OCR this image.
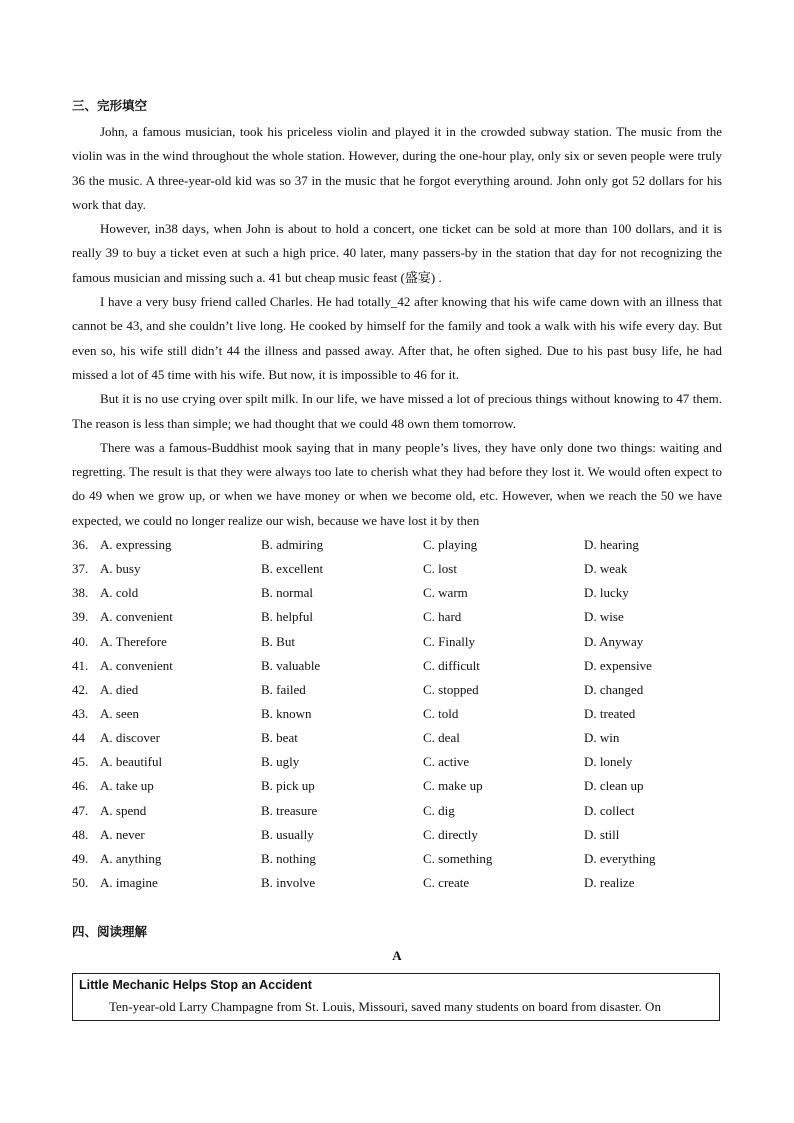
三、完形填空

John, a famous musician, took his priceless violin and played it in the crowded subway station. The music from the violin was in the wind throughout the whole station. However, during the one-hour play, only six or seven people were truly 36 the music. A three-year-old kid was so 37 in the music that he forgot everything around. John only got 52 dollars for his work that day.

However, in38 days, when John is about to hold a concert, one ticket can be sold at more than 100 dollars, and it is really 39 to buy a ticket even at such a high price. 40 later, many passers-by in the station that day for not recognizing the famous musician and missing such a. 41 but cheap music feast (盛宴) .

I have a very busy friend called Charles. He had totally_42 after knowing that his wife came down with an illness that cannot be 43, and she couldn’t live long. He cooked by himself for the family and took a walk with his wife every day. But even so, his wife still didn’t 44 the illness and passed away. After that, he often sighed. Due to his past busy life, he had missed a lot of 45 time with his wife. But now, it is impossible to 46 for it.

But it is no use crying over spilt milk. In our life, we have missed a lot of precious things without knowing to 47 them. The reason is less than simple; we had thought that we could 48 own them tomorrow.

There was a famous-Buddhist mook saying that in many people’s lives, they have only done two things: waiting and regretting. The result is that they were always too late to cherish what they had before they lost it. We would often expect to do 49 when we grow up, or when we have money or when we become old, etc. However, when we reach the 50 we have expected, we could no longer realize our wish, because we have lost it by then

36. A. expressing	B. admiring	C. playing	D. hearing
37. A. busy	B. excellent	C. lost	D. weak
38. A. cold	B. normal	C. warm	D. lucky
39. A. convenient	B. helpful	C. hard	D. wise
40. A. Therefore	B. But	C. Finally	D. Anyway
41. A. convenient	B. valuable	C. difficult	D. expensive
42. A. died	B. failed	C. stopped	D. changed
43. A. seen	B. known	C. told	D. treated
44	A. discover	B. beat	C. deal	D. win
45. A. beautiful	B. ugly	C. active	D. lonely
46. A. take up	B. pick up	C. make up	D. clean up
47. A. spend	B. treasure	C. dig	D. collect
48. A. never	B. usually	C. directly	D. still
49. A. anything	B. nothing	C. something	D. everything
50. A. imagine	B. involve	C. create	D. realize
四、阅读理解
A
Little Mechanic Helps Stop an Accident
Ten-year-old Larry Champagne from St. Louis, Missouri, saved many students on board from disaster. On
